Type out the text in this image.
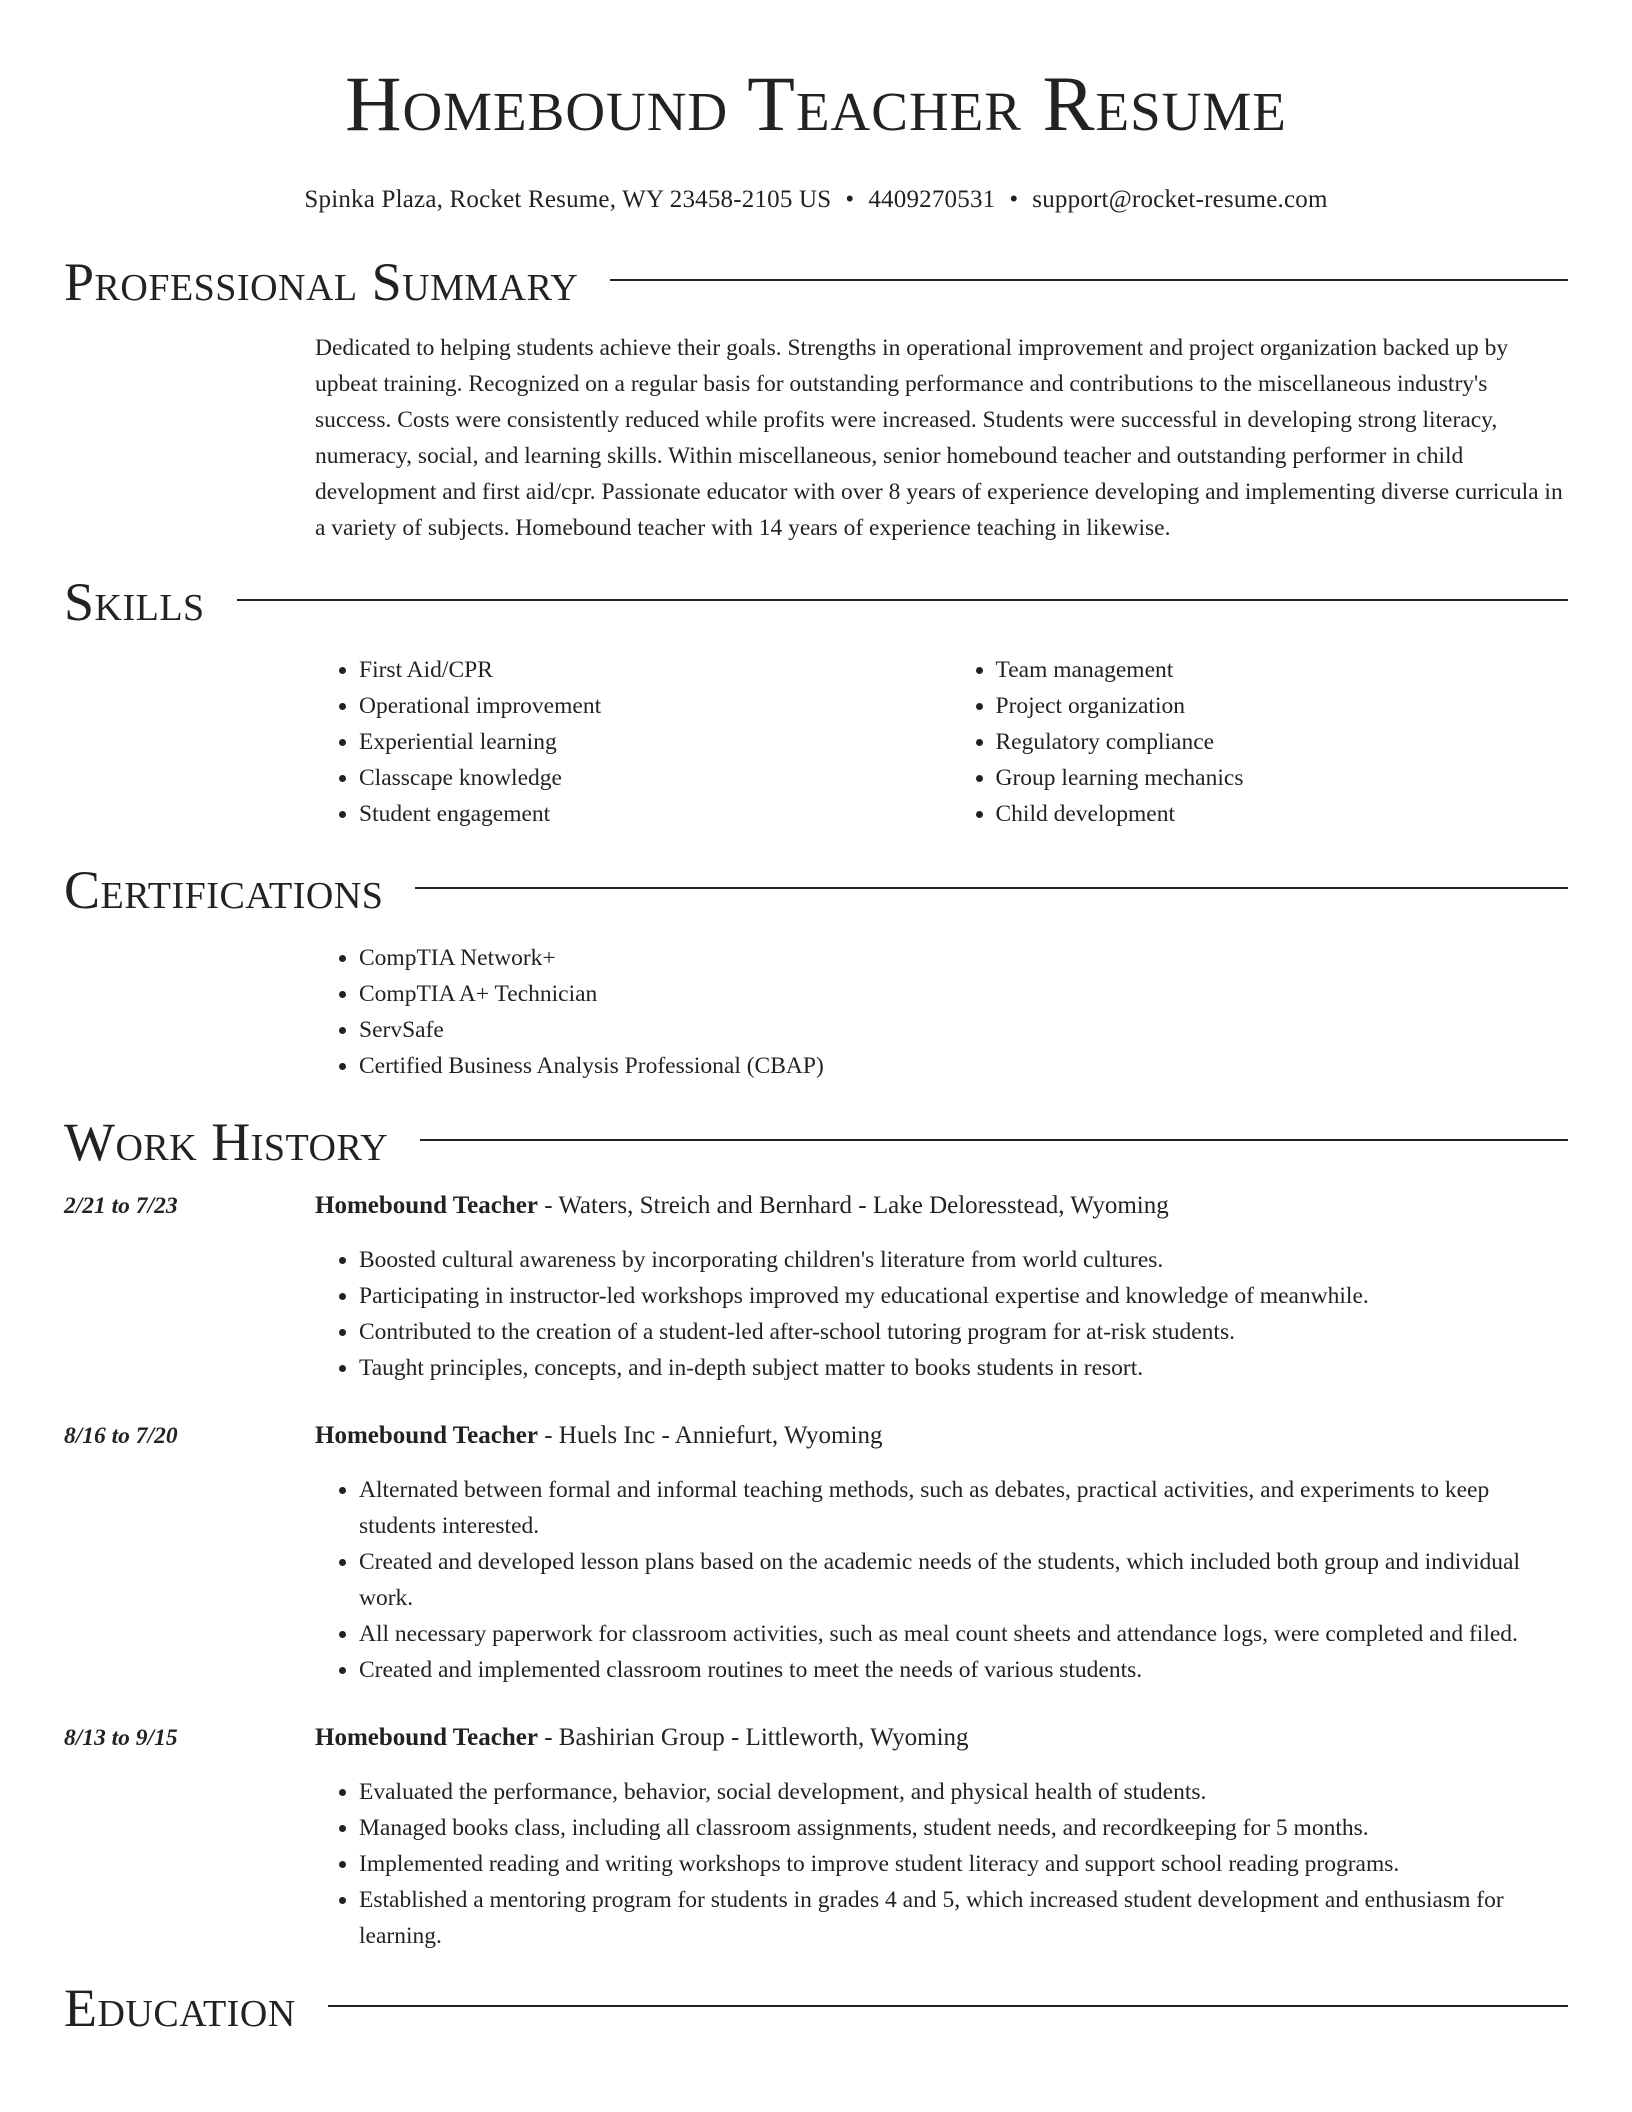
Homebound Teacher Resume
Spinka Plaza, Rocket Resume, WY 23458-2105 US • 4409270531 • support@rocket-resume.com
Professional Summary

Dedicated to helping students achieve their goals. Strengths in operational improvement and project organization backed up by upbeat training. Recognized on a regular basis for outstanding performance and contributions to the miscellaneous industry's success. Costs were consistently reduced while profits were increased. Students were successful in developing strong literacy, numeracy, social, and learning skills. Within miscellaneous, senior homebound teacher and outstanding performer in child development and first aid/cpr. Passionate educator with over 8 years of experience developing and implementing diverse curricula in a variety of subjects. Homebound teacher with 14 years of experience teaching in likewise.

Skills
• First Aid/CPR
• Operational improvement
• Experiential learning
• Classcape knowledge
• Student engagement
• Team management
• Project organization
• Regulatory compliance
• Group learning mechanics
• Child development
Certifications
• CompTIA Network+
• CompTIA A+ Technician
• ServSafe
• Certified Business Analysis Professional (CBAP)
Work History
2/21 to 7/23	Homebound Teacher - Waters, Streich and Bernhard - Lake Deloresstead, Wyoming
• Boosted cultural awareness by incorporating children's literature from world cultures.
• Participating in instructor-led workshops improved my educational expertise and knowledge of meanwhile.
• Contributed to the creation of a student-led after-school tutoring program for at-risk students.
• Taught principles, concepts, and in-depth subject matter to books students in resort.
8/16 to 7/20	Homebound Teacher - Huels Inc - Anniefurt, Wyoming
• Alternated between formal and informal teaching methods, such as debates, practical activities, and experiments to keep students interested.
• Created and developed lesson plans based on the academic needs of the students, which included both group and individual work.
• All necessary paperwork for classroom activities, such as meal count sheets and attendance logs, were completed and filed.
• Created and implemented classroom routines to meet the needs of various students.
8/13 to 9/15	Homebound Teacher - Bashirian Group - Littleworth, Wyoming
• Evaluated the performance, behavior, social development, and physical health of students.
• Managed books class, including all classroom assignments, student needs, and recordkeeping for 5 months.
• Implemented reading and writing workshops to improve student literacy and support school reading programs.
• Established a mentoring program for students in grades 4 and 5, which increased student development and enthusiasm for learning.
Education
